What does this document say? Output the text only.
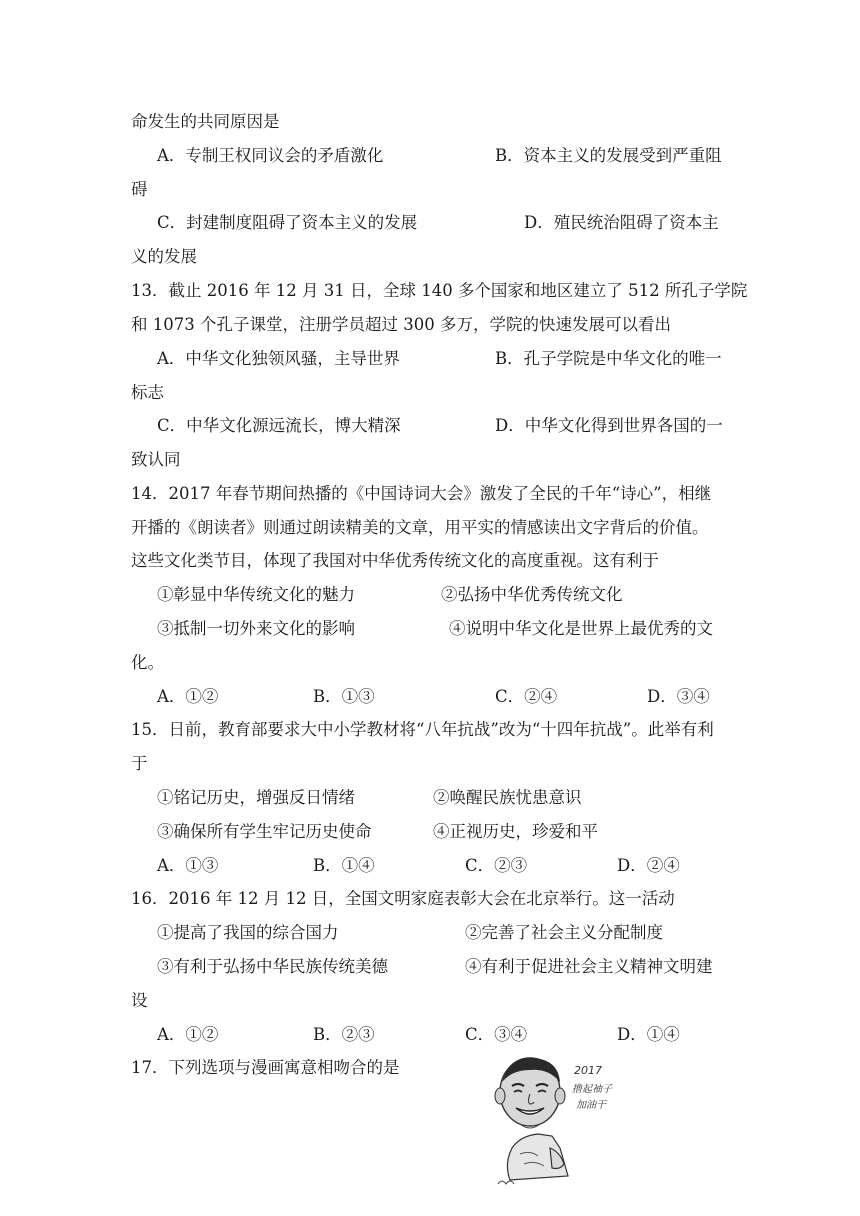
命发生的共同原因是
A．专制王权同议会的矛盾激化	B．资本主义的发展受到严重阻
碍
C．封建制度阻碍了资本主义的发展	D．殖民统治阻碍了资本主
义的发展
13．截止 2016 年 12 月 31 日，全球 140 多个国家和地区建立了 512 所孔子学院
和 1073 个孔子课堂，注册学员超过 300 多万，学院的快速发展可以看出
A．中华文化独领风骚，主导世界	B．孔子学院是中华文化的唯一
标志
C．中华文化源远流长，博大精深	D．中华文化得到世界各国的一
致认同
14．2017 年春节期间热播的《中国诗词大会》激发了全民的千年“诗心”，相继
开播的《朗读者》则通过朗读精美的文章，用平实的情感读出文字背后的价值。
这些文化类节目，体现了我国对中华优秀传统文化的高度重视。这有利于
①彰显中华传统文化的魅力	②弘扬中华优秀传统文化
③抵制一切外来文化的影响	④说明中华文化是世界上最优秀的文
化。
A．①②	B．①③	C．②④	D．③④
15．日前，教育部要求大中小学教材将“八年抗战”改为“十四年抗战”。此举有利
于
①铭记历史，增强反日情绪	②唤醒民族忧患意识
③确保所有学生牢记历史使命	④正视历史，珍爱和平
A．①③	B．①④	C．②③	D．②④
16．2016 年 12 月 12 日，全国文明家庭表彰大会在北京举行。这一活动
①提高了我国的综合国力	②完善了社会主义分配制度
③有利于弘扬中华民族传统美德	④有利于促进社会主义精神文明建
设
A．①②	B．②③	C．③④	D．①④
17．下列选项与漫画寓意相吻合的是	2017
撸起袖子
加油干
